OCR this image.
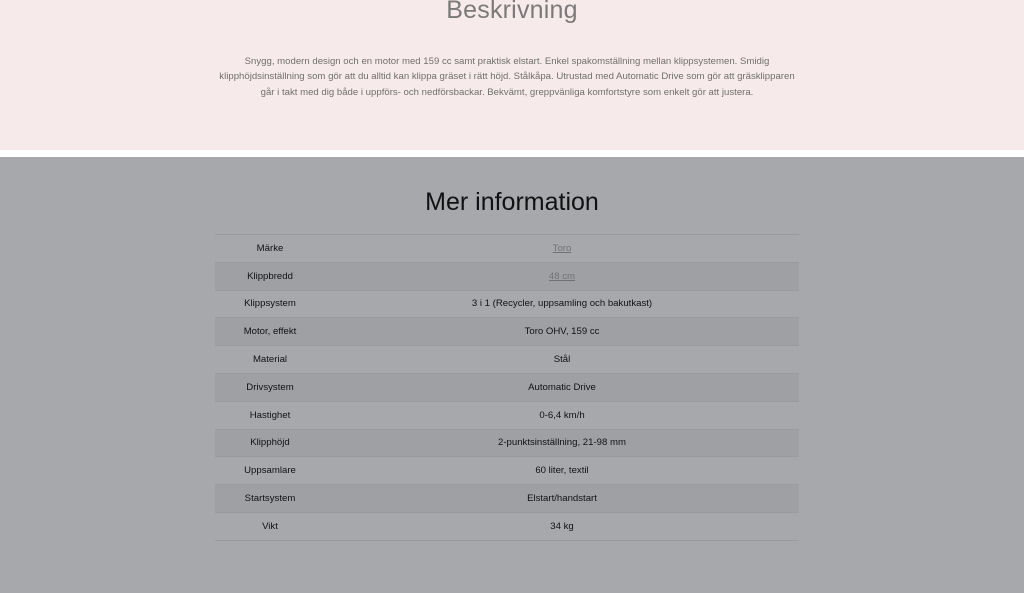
Beskrivning

Snygg, modern design och en motor med 159 cc samt praktisk elstart. Enkel spakomställning mellan klippsystemen. Smidig klipphöjdsinställning som gör att du alltid kan klippa gräset i rätt höjd. Stålkåpa. Utrustad med Automatic Drive som gör att gräsklipparen går i takt med dig både i uppförs- och nedförsbackar. Bekvämt, greppvänliga komfortstyre som enkelt gör att justera.

Mer information
Märke	Toro
Klippbredd	48 cm
Klippsystem	3 i 1 (Recycler, uppsamling och bakutkast)
Motor, effekt	Toro OHV, 159 cc
Material	Stål
Drivsystem	Automatic Drive
Hastighet	0-6,4 km/h
Klipphöjd	2-punktsinställning, 21-98 mm
Uppsamlare	60 liter, textil
Startsystem	Elstart/handstart
Vikt	34 kg
